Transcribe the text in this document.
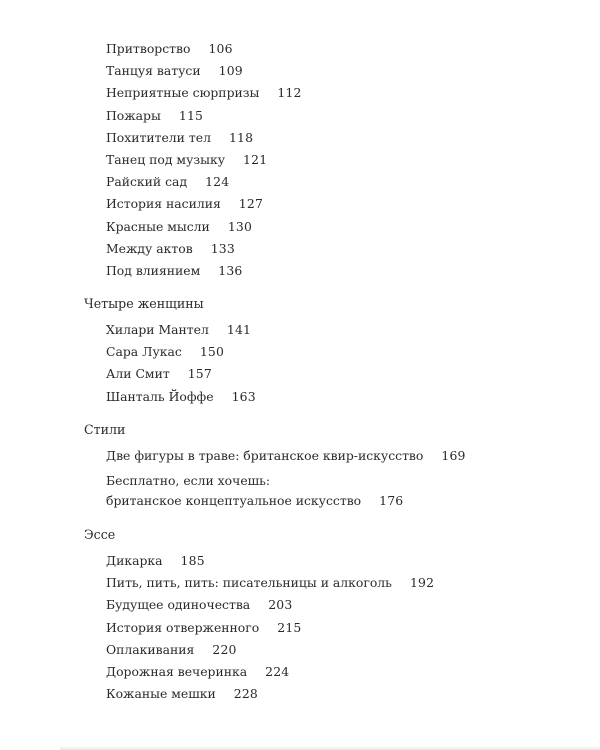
Притворство 106
Танцуя ватуси 109
Неприятные сюрпризы 112
Пожары 115
Похитители тел 118
Танец под музыку 121
Райский сад 124
История насилия 127
Красные мысли 130
Между актов 133
Под влиянием 136
Четыре женщины
Хилари Мантел 141
Сара Лукас 150
Али Смит 157
Шанталь Йоффе 163
Стили
Две фигуры в траве: британское квир-искусство 169
Бесплатно, если хочешь:
британское концептуальное искусство 176
Эссе
Дикарка 185
Пить, пить, пить: писательницы и алкоголь 192
Будущее одиночества 203
История отверженного 215
Оплакивания 220
Дорожная вечеринка 224
Кожаные мешки 228
